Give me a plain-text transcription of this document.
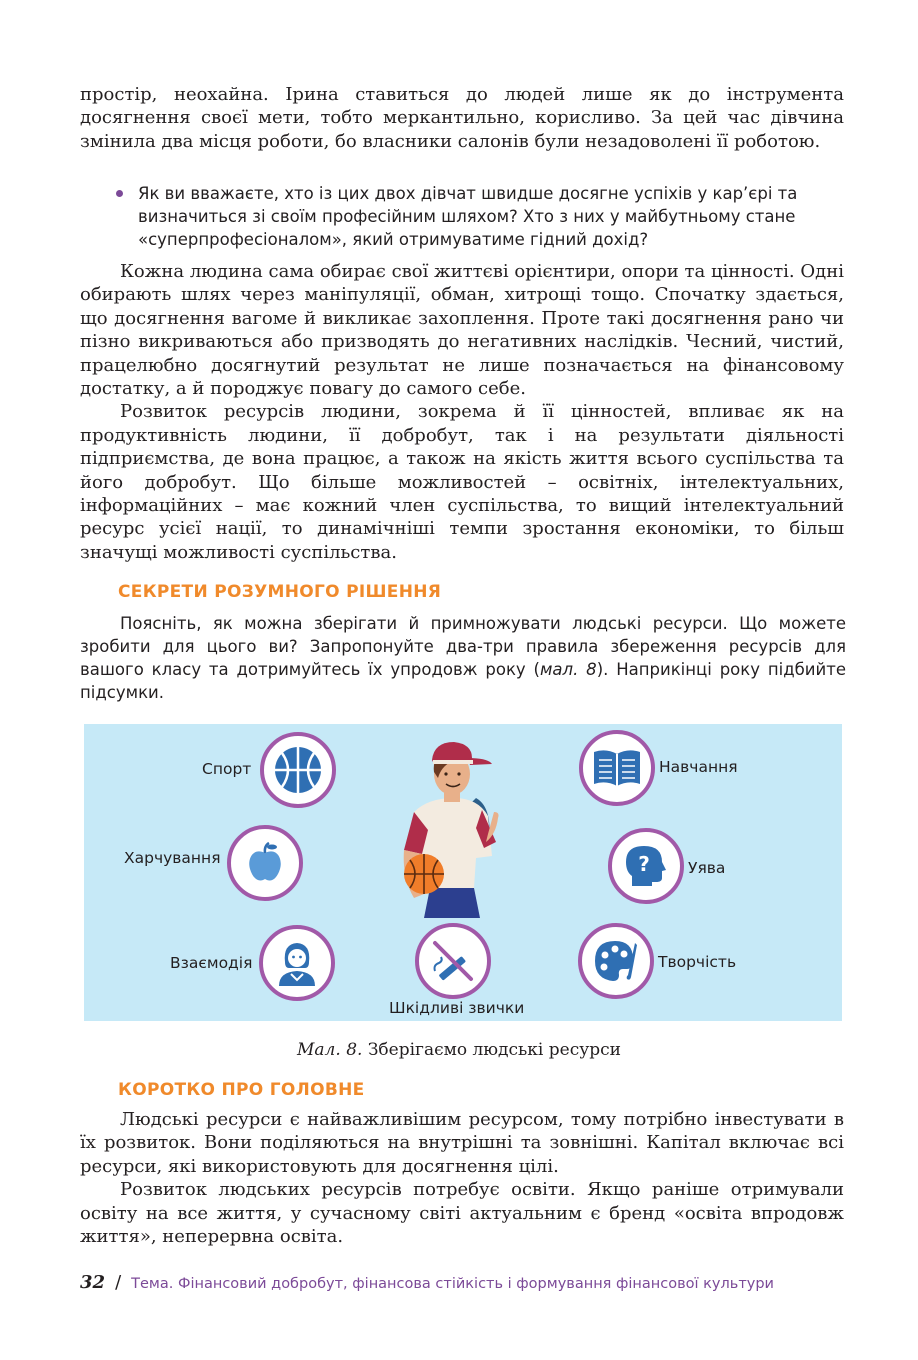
простір, неохайна. Ірина ставиться до людей лише як до інструмента досягнення своєї мети, тобто меркантильно, корисливо. За цей час дівчина змінила два місця роботи, бо власники салонів були незадоволені її роботою.

Як ви вважаєте, хто із цих двох дівчат швидше досягне успіхів у кар’єрі та визначиться зі своїм професійним шляхом? Хто з них у майбутньому стане «суперпрофесіоналом», який отримуватиме гідний дохід?

Кожна людина сама обирає свої життєві орієнтири, опори та цінності. Одні обирають шлях через маніпуляції, обман, хитрощі тощо. Спочатку здається, що досягнення вагоме й викликає захоплення. Проте такі досягнення рано чи пізно викриваються або призводять до негативних наслідків. Чесний, чистий, працелюбно досягнутий результат не лише позначається на фінансовому достатку, а й породжує повагу до самого себе.

Розвиток ресурсів людини, зокрема й її цінностей, впливає як на продуктивність людини, її добробут, так і на результати діяльності підприємства, де вона працює, а також на якість життя всього суспільства та його добробут. Що більше можливостей – освітніх, інтелектуальних, інформаційних – має кожний член суспільства, то вищий інтелектуальний ресурс усієї нації, то динамічніші темпи зростання економіки, то більш значущі можливості суспільства.

СЕКРЕТИ РОЗУМНОГО РІШЕННЯ

Поясніть, як можна зберігати й примножувати людські ресурси. Що можете зробити для цього ви? Запропонуйте два-три правила збереження ресурсів для вашого класу та дотримуйтесь їх упродовж року (мал. 8). Наприкінці року підбийте підсумки.

Спорт	Навчання
Харчування	? Уява
Взаємодія
Шкідливі звички
Творчість
Мал. 8. Зберігаємо людські ресурси
КОРОТКО ПРО ГОЛОВНЕ

Людські ресурси є найважливішим ресурсом, тому потрібно інвестувати в їх розвиток. Вони поділяються на внутрішні та зовнішні. Капітал включає всі ресурси, які використовують для досягнення цілі.

Розвиток людських ресурсів потребує освіти. Якщо раніше отримували освіту на все життя, у сучасному світі актуальним є бренд «освіта впродовж життя», неперервна освіта.

32 / Тема. Фінансовий добробут, фінансова стійкість і формування фінансової культури
